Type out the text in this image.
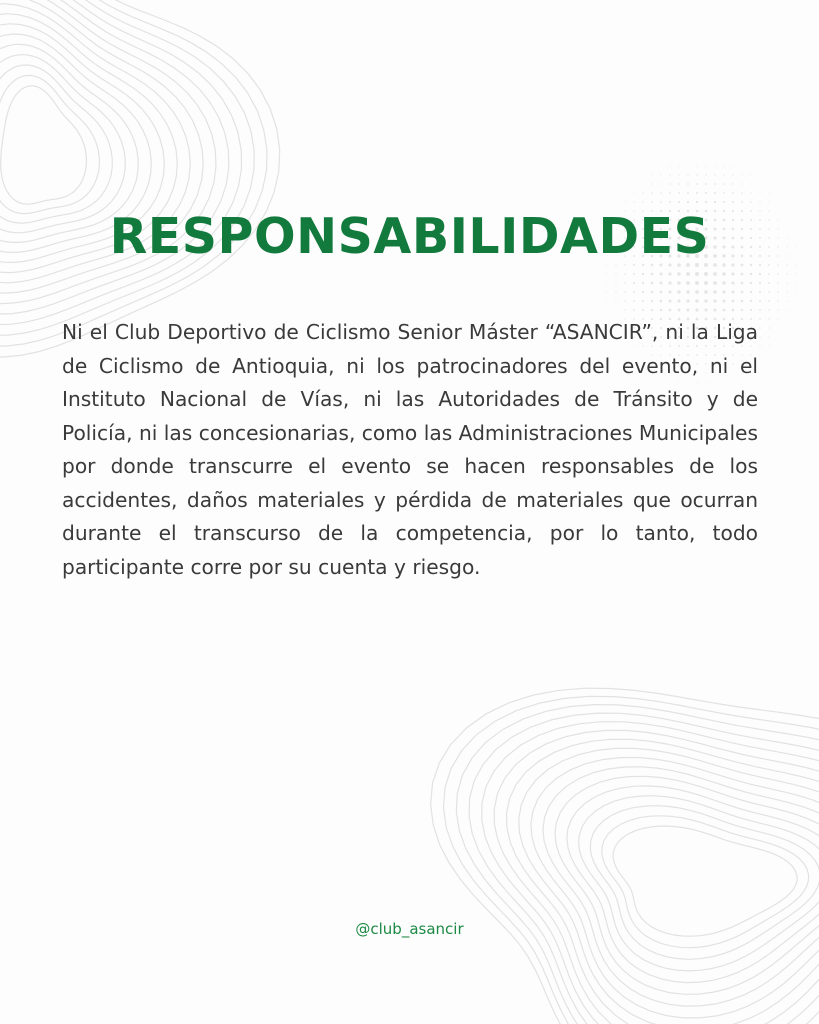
RESPONSABILIDADES

Ni el Club Deportivo de Ciclismo Senior Máster “ASANCIR”, ni la Liga de Ciclismo de Antioquia, ni los patrocinadores del evento, ni el Instituto Nacional de Vías, ni las Autoridades de Tránsito y de Policía, ni las concesionarias, como las Administraciones Municipales por donde transcurre el evento se hacen responsables de los accidentes, daños materiales y pérdida de materiales que ocurran durante el transcurso de la competencia, por lo tanto, todo participante corre por su cuenta y riesgo.

@club_asancir
